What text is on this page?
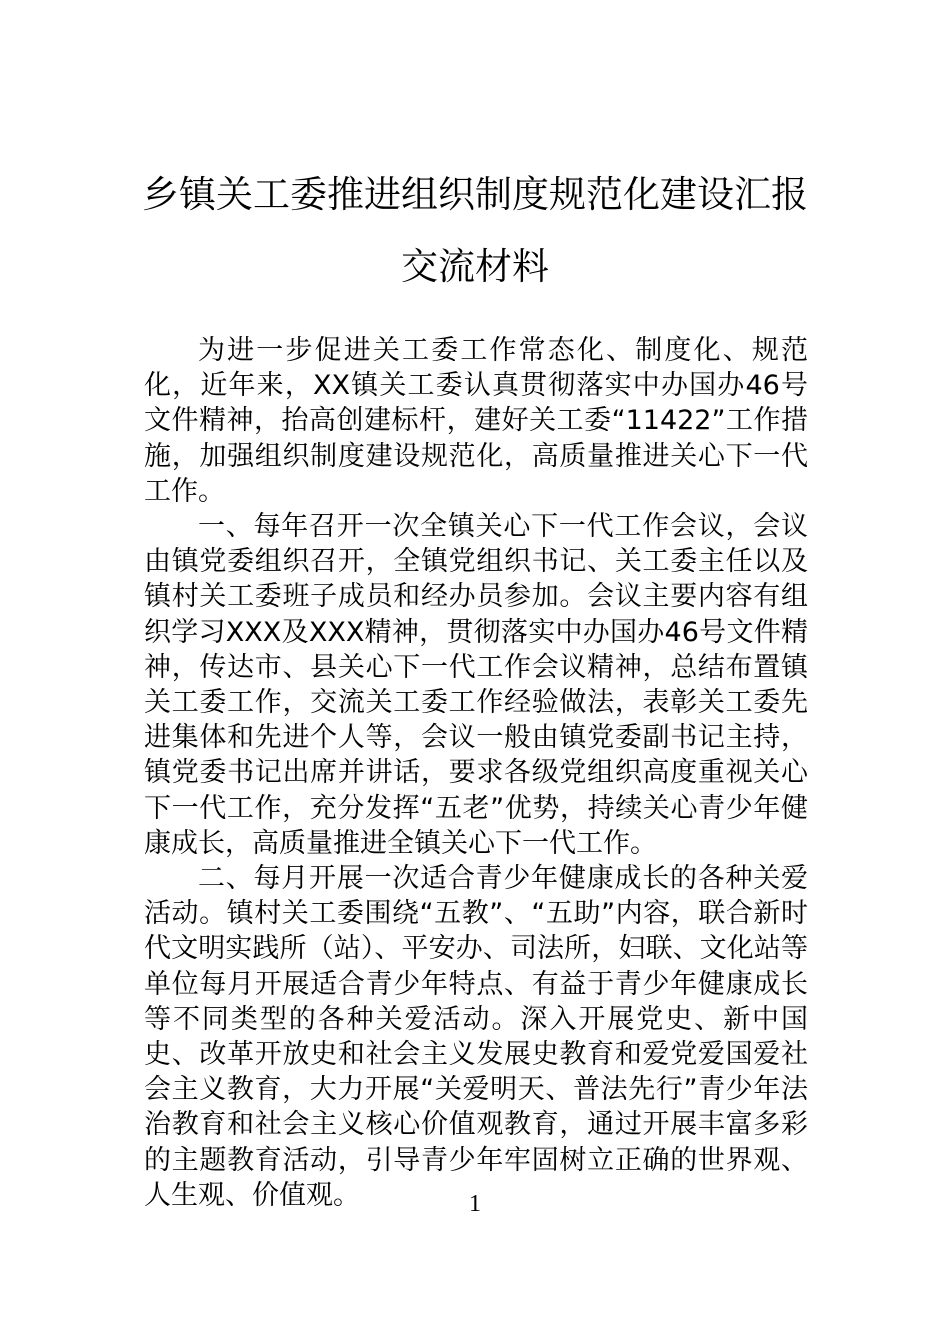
乡镇关工委推进组织制度规范化建设汇报
交流材料

为进一步促进关工委工作常态化、制度化、规范化，近年来，XX镇关工委认真贯彻落实中办国办46号文件精神，抬高创建标杆，建好关工委“11422”工作措施，加强组织制度建设规范化，高质量推进关心下一代工作。

一、每年召开一次全镇关心下一代工作会议，会议由镇党委组织召开，全镇党组织书记、关工委主任以及镇村关工委班子成员和经办员参加。会议主要内容有组织学习XXX及XXX精神，贯彻落实中办国办46号文件精神，传达市、县关心下一代工作会议精神，总结布置镇关工委工作，交流关工委工作经验做法，表彰关工委先进集体和先进个人等，会议一般由镇党委副书记主持，镇党委书记出席并讲话，要求各级党组织高度重视关心下一代工作，充分发挥“五老”优势，持续关心青少年健康成长，高质量推进全镇关心下一代工作。

二、每月开展一次适合青少年健康成长的各种关爱活动。镇村关工委围绕“五教”、“五助”内容，联合新时代文明实践所（站）、平安办、司法所，妇联、文化站等单位每月开展适合青少年特点、有益于青少年健康成长等不同类型的各种关爱活动。深入开展党史、新中国史、改革开放史和社会主义发展史教育和爱党爱国爱社会主义教育，大力开展“关爱明天、普法先行”青少年法治教育和社会主义核心价值观教育，通过开展丰富多彩的主题教育活动，引导青少年牢固树立正确的世界观、人生观、价值观。	1
